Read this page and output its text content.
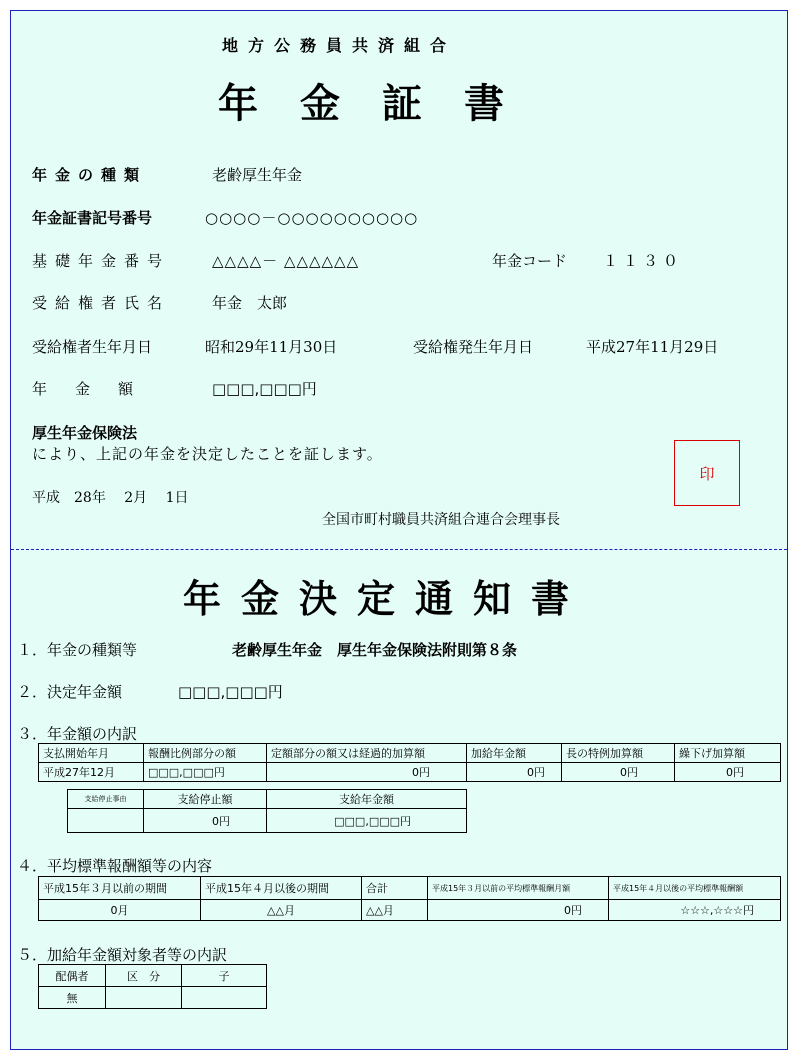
地方公務員共済組合
年金証書
年金の種類	老齢厚生年金
年金証書記号番号	○○○○－○○○○○○○○○○
基礎年金番号	△△△△－ △△△△△△	年金コード １１３０
受給権者氏名	年金　太郎
受給権者生年月日	昭和29年11月30日	受給権発生年月日	平成27年11月29日
年金額	□□□,□□□円
厚生年金保険法
により、上記の年金を決定したことを証します。
平成　28年　 2月　 1日
全国市町村職員共済組合連合会理事長
印
年金決定通知書
１．年金の種類等	老齢厚生年金　厚生年金保険法附則第８条
２．決定年金額	□□□,□□□円
３．年金額の内訳
支払開始年月	報酬比例部分の額	定額部分の額又は経過的加算額	加給年金額	長の特例加算額	繰下げ加算額
平成27年12月	□□□,□□□円	0円	0円	0円	0円
支給停止事由	支給停止額	支給年金額
	0円	□□□,□□□円
４．平均標準報酬額等の内容
平成15年３月以前の期間	平成15年４月以後の期間	合計	平成15年３月以前の平均標準報酬月額	平成15年４月以後の平均標準報酬額
0月	△△月	△△月	0円	☆☆☆,☆☆☆円
５．加給年金額対象者等の内訳
配偶者	区　分	子
無		
